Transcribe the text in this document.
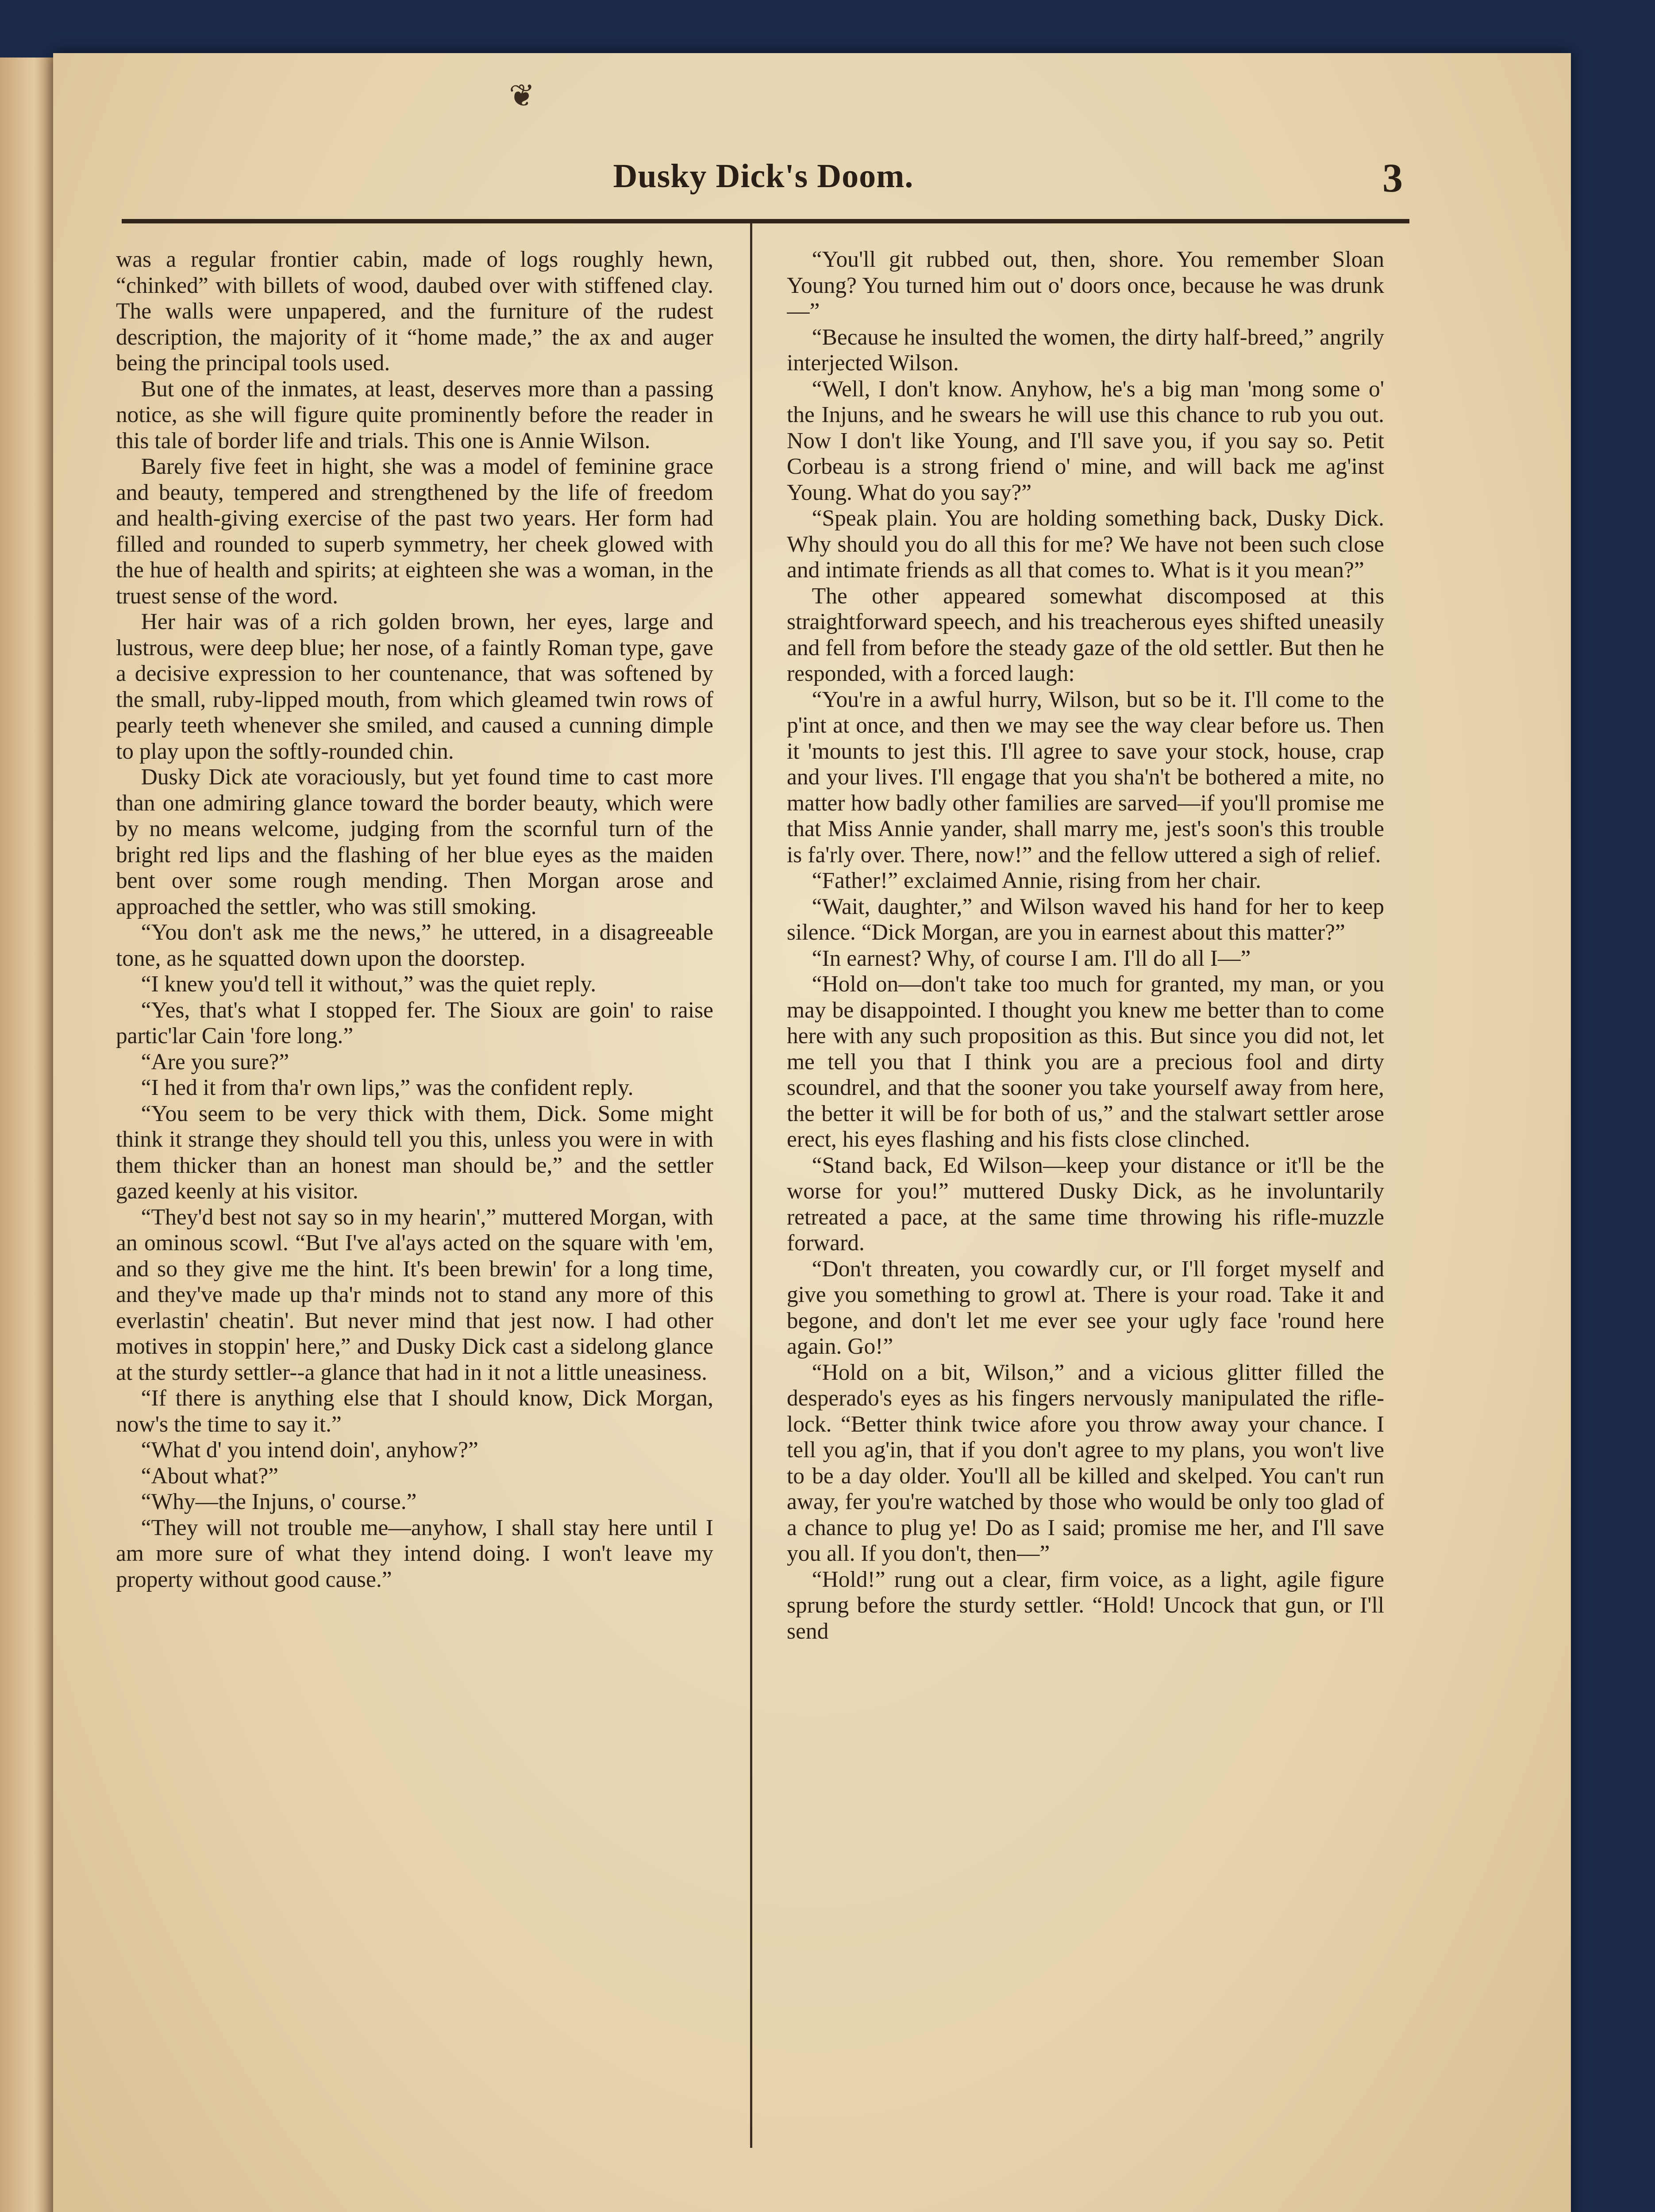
❦
Dusky Dick's Doom.	3

was a regular frontier cabin, made of logs roughly hewn, “chinked” with billets of wood, daubed over with stiffened clay. The walls were unpapered, and the furniture of the rudest description, the majority of it “home made,” the ax and auger being the principal tools used.

But one of the inmates, at least, deserves more than a passing notice, as she will figure quite prominently before the reader in this tale of border life and trials. This one is Annie Wilson.

Barely five feet in hight, she was a model of feminine grace and beauty, tempered and strengthened by the life of freedom and health-giving exercise of the past two years. Her form had filled and rounded to superb symmetry, her cheek glowed with the hue of health and spirits; at eighteen she was a woman, in the truest sense of the word.

Her hair was of a rich golden brown, her eyes, large and lustrous, were deep blue; her nose, of a faintly Roman type, gave a decisive expression to her countenance, that was softened by the small, ruby-lipped mouth, from which gleamed twin rows of pearly teeth whenever she smiled, and caused a cunning dimple to play upon the softly-rounded chin.

Dusky Dick ate voraciously, but yet found time to cast more than one admiring glance toward the border beauty, which were by no means welcome, judging from the scornful turn of the bright red lips and the flashing of her blue eyes as the maiden bent over some rough mending. Then Morgan arose and approached the settler, who was still smoking.

“You don't ask me the news,” he uttered, in a disagreeable tone, as he squatted down upon the doorstep.

“I knew you'd tell it without,” was the quiet reply.

“Yes, that's what I stopped fer. The Sioux are goin' to raise partic'lar Cain 'fore long.”

“Are you sure?”

“I hed it from tha'r own lips,” was the confident reply.

“You seem to be very thick with them, Dick. Some might think it strange they should tell you this, unless you were in with them thicker than an honest man should be,” and the settler gazed keenly at his visitor.

“They'd best not say so in my hearin',” muttered Morgan, with an ominous scowl. “But I've al'ays acted on the square with 'em, and so they give me the hint. It's been brewin' for a long time, and they've made up tha'r minds not to stand any more of this everlastin' cheatin'. But never mind that jest now. I had other motives in stoppin' here,” and Dusky Dick cast a sidelong glance at the sturdy settler--a glance that had in it not a little uneasiness.

“If there is anything else that I should know, Dick Morgan, now's the time to say it.”

“What d' you intend doin', anyhow?”

“About what?”

“Why—the Injuns, o' course.”

“They will not trouble me—anyhow, I shall stay here until I am more sure of what they intend doing. I won't leave my property without good cause.”

“You'll git rubbed out, then, shore. You remember Sloan Young? You turned him out o' doors once, because he was drunk—”

“Because he insulted the women, the dirty half-breed,” angrily interjected Wilson.

“Well, I don't know. Anyhow, he's a big man 'mong some o' the Injuns, and he swears he will use this chance to rub you out. Now I don't like Young, and I'll save you, if you say so. Petit Corbeau is a strong friend o' mine, and will back me ag'inst Young. What do you say?”

“Speak plain. You are holding something back, Dusky Dick. Why should you do all this for me? We have not been such close and intimate friends as all that comes to. What is it you mean?”

The other appeared somewhat discomposed at this straightforward speech, and his treacherous eyes shifted uneasily and fell from before the steady gaze of the old settler. But then he responded, with a forced laugh:

“You're in a awful hurry, Wilson, but so be it. I'll come to the p'int at once, and then we may see the way clear before us. Then it 'mounts to jest this. I'll agree to save your stock, house, crap and your lives. I'll engage that you sha'n't be bothered a mite, no matter how badly other families are sarved—if you'll promise me that Miss Annie yander, shall marry me, jest's soon's this trouble is fa'rly over. There, now!” and the fellow uttered a sigh of relief.

“Father!” exclaimed Annie, rising from her chair.

“Wait, daughter,” and Wilson waved his hand for her to keep silence. “Dick Morgan, are you in earnest about this matter?”

“In earnest? Why, of course I am. I'll do all I—”

“Hold on—don't take too much for granted, my man, or you may be disappointed. I thought you knew me better than to come here with any such proposition as this. But since you did not, let me tell you that I think you are a precious fool and dirty scoundrel, and that the sooner you take yourself away from here, the better it will be for both of us,” and the stalwart settler arose erect, his eyes flashing and his fists close clinched.

“Stand back, Ed Wilson—keep your distance or it'll be the worse for you!” muttered Dusky Dick, as he involuntarily retreated a pace, at the same time throwing his rifle-muzzle forward.

“Don't threaten, you cowardly cur, or I'll forget myself and give you something to growl at. There is your road. Take it and begone, and don't let me ever see your ugly face 'round here again. Go!”

“Hold on a bit, Wilson,” and a vicious glitter filled the desperado's eyes as his fingers nervously manipulated the rifle-lock. “Better think twice afore you throw away your chance. I tell you ag'in, that if you don't agree to my plans, you won't live to be a day older. You'll all be killed and skelped. You can't run away, fer you're watched by those who would be only too glad of a chance to plug ye! Do as I said; promise me her, and I'll save you all. If you don't, then—”

“Hold!” rung out a clear, firm voice, as a light, agile figure sprung before the sturdy settler. “Hold! Uncock that gun, or I'll send
